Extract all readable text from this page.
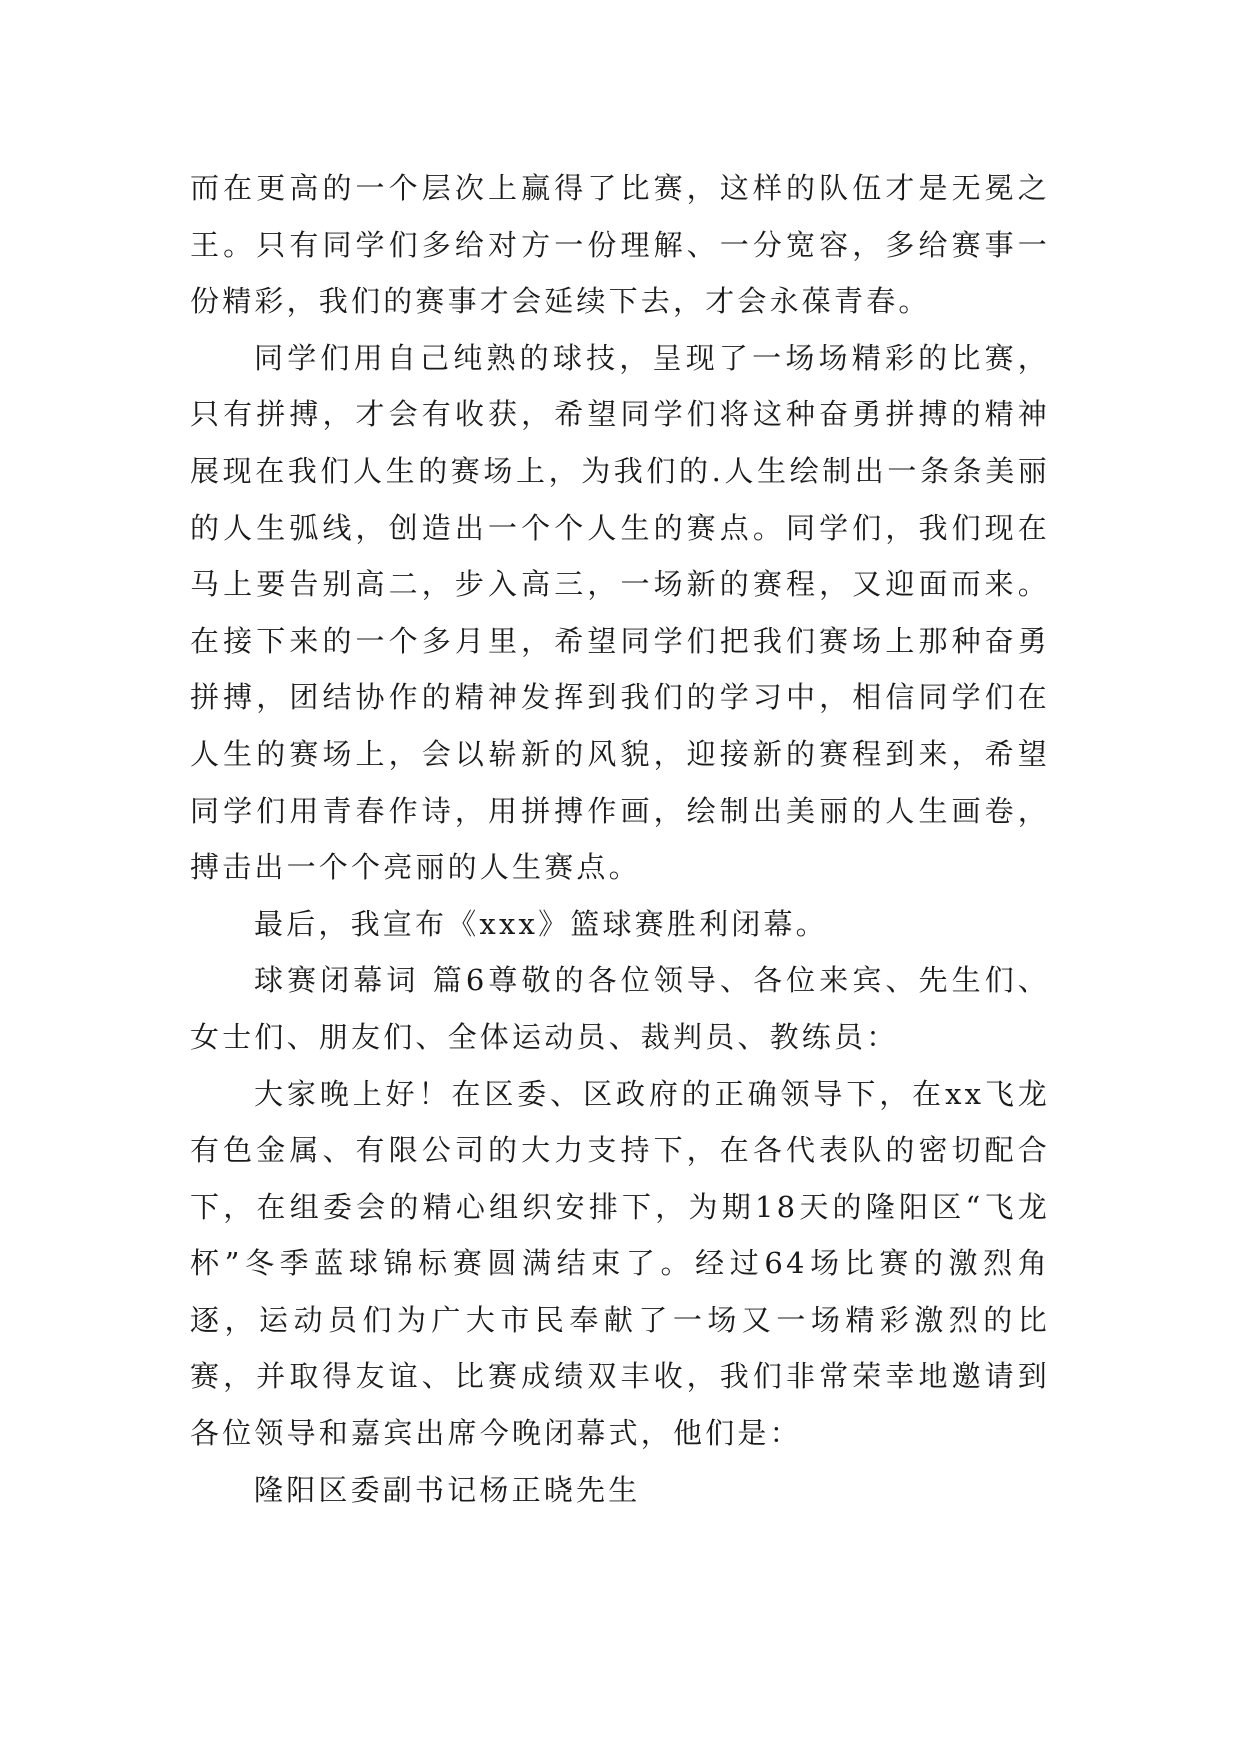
而在更高的一个层次上赢得了比赛，这样的队伍才是无冕之王。只有同学们多给对方一份理解、一分宽容，多给赛事一份精彩，我们的赛事才会延续下去，才会永葆青春。

同学们用自己纯熟的球技，呈现了一场场精彩的比赛，只有拼搏，才会有收获，希望同学们将这种奋勇拼搏的精神展现在我们人生的赛场上，为我们的.人生绘制出一条条美丽的人生弧线，创造出一个个人生的赛点。同学们，我们现在马上要告别高二，步入高三，一场新的赛程，又迎面而来。在接下来的一个多月里，希望同学们把我们赛场上那种奋勇拼搏，团结协作的精神发挥到我们的学习中，相信同学们在人生的赛场上，会以崭新的风貌，迎接新的赛程到来，希望同学们用青春作诗，用拼搏作画，绘制出美丽的人生画卷，搏击出一个个亮丽的人生赛点。

最后，我宣布《xxx》篮球赛胜利闭幕。

球赛闭幕词 篇6尊敬的各位领导、各位来宾、先生们、女士们、朋友们、全体运动员、裁判员、教练员：

大家晚上好！在区委、区政府的正确领导下，在xx飞龙有色金属、有限公司的大力支持下，在各代表队的密切配合下，在组委会的精心组织安排下，为期18天的隆阳区“飞龙杯”冬季蓝球锦标赛圆满结束了。经过64场比赛的激烈角逐，运动员们为广大市民奉献了一场又一场精彩激烈的比赛，并取得友谊、比赛成绩双丰收，我们非常荣幸地邀请到各位领导和嘉宾出席今晚闭幕式，他们是：

隆阳区委副书记杨正晓先生
